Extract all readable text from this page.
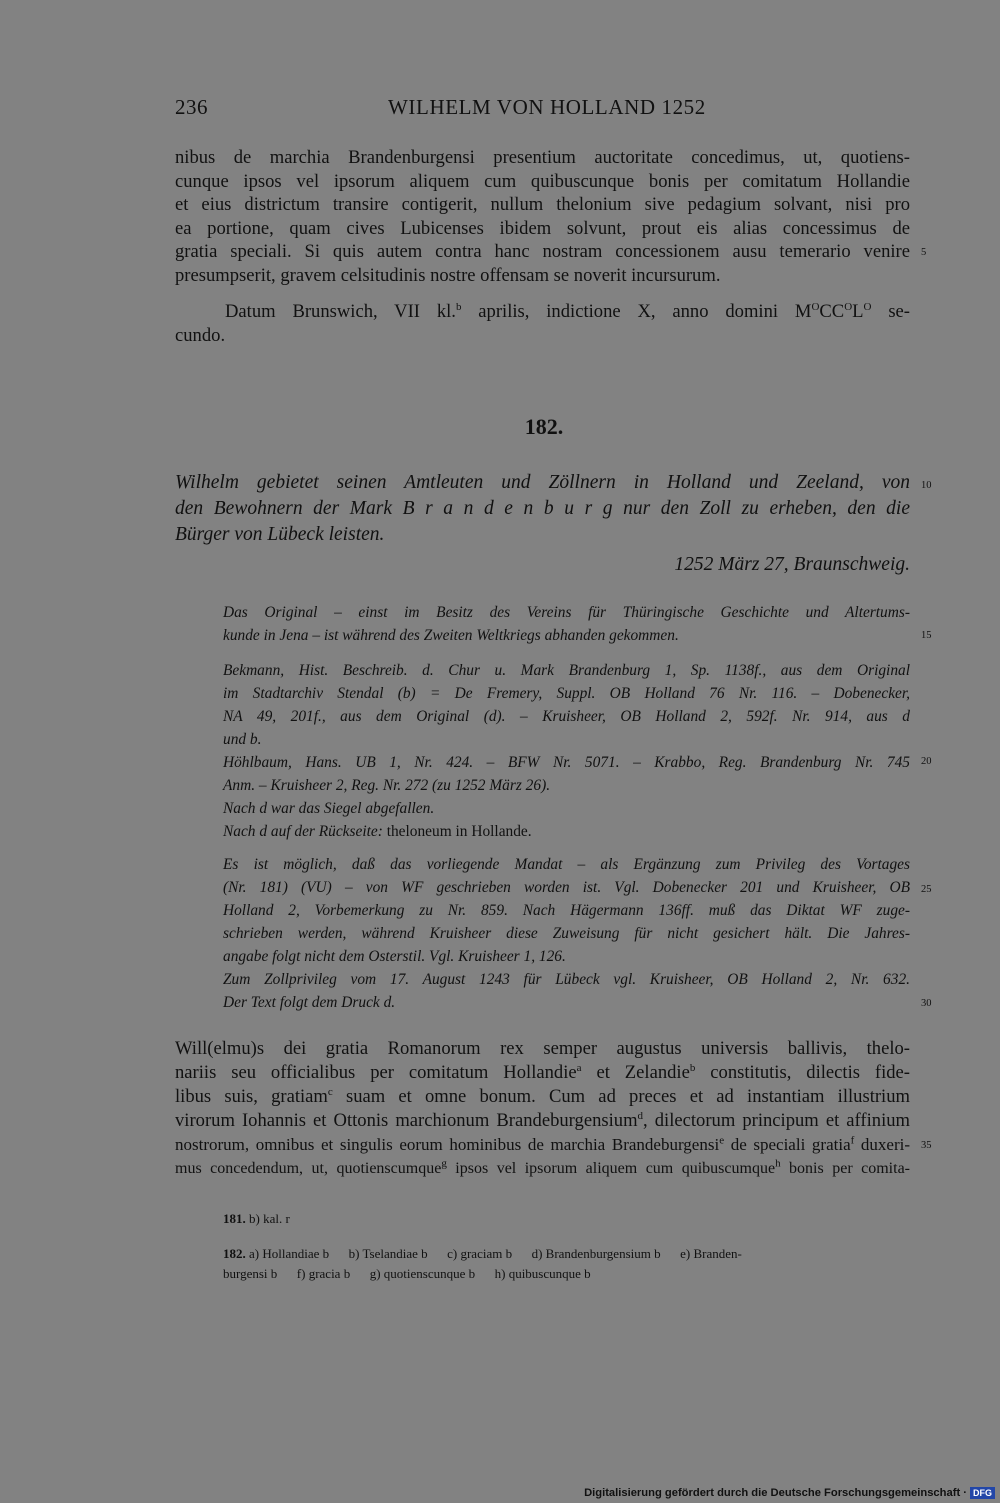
236	WILHELM VON HOLLAND 1252
nibus de marchia Brandenburgensi presentium auctoritate concedimus, ut, quotiens-
cunque ipsos vel ipsorum aliquem cum quibuscunque bonis per comitatum Hollandie
et eius districtum transire contigerit, nullum thelonium sive pedagium solvant, nisi pro
ea portione, quam cives Lubicenses ibidem solvunt, prout eis alias concessimus de
gratia speciali. Si quis autem contra hanc nostram concessionem ausu temerario venire
presumpserit, gravem celsitudinis nostre offensam se noverit incursurum.
Datum Brunswich, VII kl.$^b$ aprilis, indictione X, anno domini $M^OCC^OL^O$ se-
cundo.
182.
Wilhelm gebietet seinen Amtleuten und Zöllnern in Holland und Zeeland, von
den Bewohnern der Mark B r a n d e n b u r g nur den Zoll zu erheben, den die
Bürger von Lübeck leisten.
1252 März 27, Braunschweig.
Das Original – einst im Besitz des Vereins für Thüringische Geschichte und Altertums-
kunde in Jena – ist während des Zweiten Weltkriegs abhanden gekommen.
Bekmann, Hist. Beschreib. d. Chur u. Mark Brandenburg 1, Sp. 1138f., aus dem Original
im Stadtarchiv Stendal (b) = De Fremery, Suppl. OB Holland 76 Nr. 116. – Dobenecker,
NA 49, 201f., aus dem Original (d). – Kruisheer, OB Holland 2, 592f. Nr. 914, aus d
und b.
Höhlbaum, Hans. UB 1, Nr. 424. – BFW Nr. 5071. – Krabbo, Reg. Brandenburg Nr. 745
Anm. – Kruisheer 2, Reg. Nr. 272 (zu 1252 März 26).
Nach d war das Siegel abgefallen.
Nach d auf der Rückseite: theloneum in Hollande.
Es ist möglich, daß das vorliegende Mandat – als Ergänzung zum Privileg des Vortages
(Nr. 181) (VU) – von WF geschrieben worden ist. Vgl. Dobenecker 201 und Kruisheer, OB
Holland 2, Vorbemerkung zu Nr. 859. Nach Hägermann 136ff. muß das Diktat WF zuge-
schrieben werden, während Kruisheer diese Zuweisung für nicht gesichert hält. Die Jahres-
angabe folgt nicht dem Osterstil. Vgl. Kruisheer 1, 126.
Zum Zollprivileg vom 17. August 1243 für Lübeck vgl. Kruisheer, OB Holland 2, Nr. 632.
Der Text folgt dem Druck d.
Will(elmu)s dei gratia Romanorum rex semper augustus universis ballivis, thelo-
nariis seu officialibus per comitatum Hollandie$^a$ et Zelandie$^b$ constitutis, dilectis fide-
libus suis, gratiam$^c$ suam et omne bonum. Cum ad preces et ad instantiam illustrium
virorum Iohannis et Ottonis marchionum Brandeburgensium$^d$, dilectorum principum et affinium
nostrorum, omnibus et singulis eorum hominibus de marchia Brandeburgensi$^e$ de speciali gratia$^f$ duxeri-
mus concedendum, ut, quotienscumque$^g$ ipsos vel ipsorum aliquem cum quibuscumque$^h$ bonis per comita-
5
10
15
20
25
30
35
181. b) kal. r
182. a) Hollandiae b      b) Tselandiae b      c) graciam b      d) Brandenburgensium b      e) Branden-
burgensi b      f) gracia b      g) quotienscunque b      h) quibuscunque b
Digitalisierung gefördert durch die Deutsche Forschungsgemeinschaft · DFG
